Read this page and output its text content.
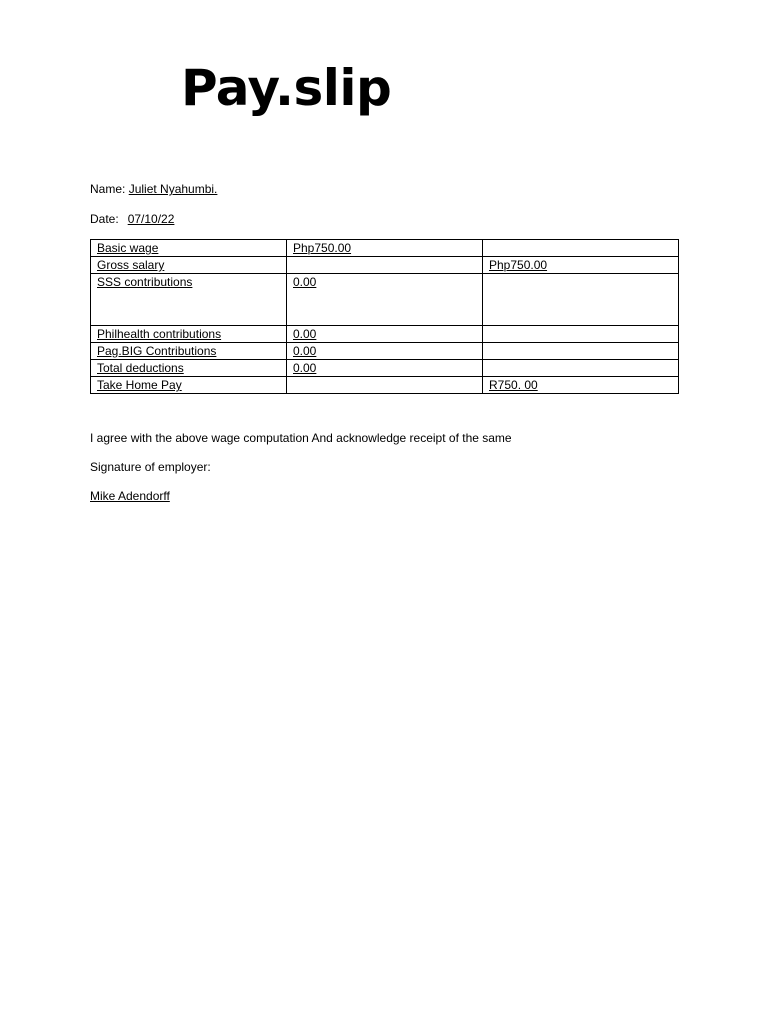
Pay.slip
Name: Juliet Nyahumbi.
Date: 07/10/22
Basic wage	Php750.00	
Gross salary		Php750.00
SSS contributions	0.00	
Philhealth contributions	0.00	
Pag.BIG Contributions	0.00	
Total deductions	0.00	
Take Home Pay		R750. 00
I agree with the above wage computation And acknowledge receipt of the same
Signature of employer:
Mike Adendorff
